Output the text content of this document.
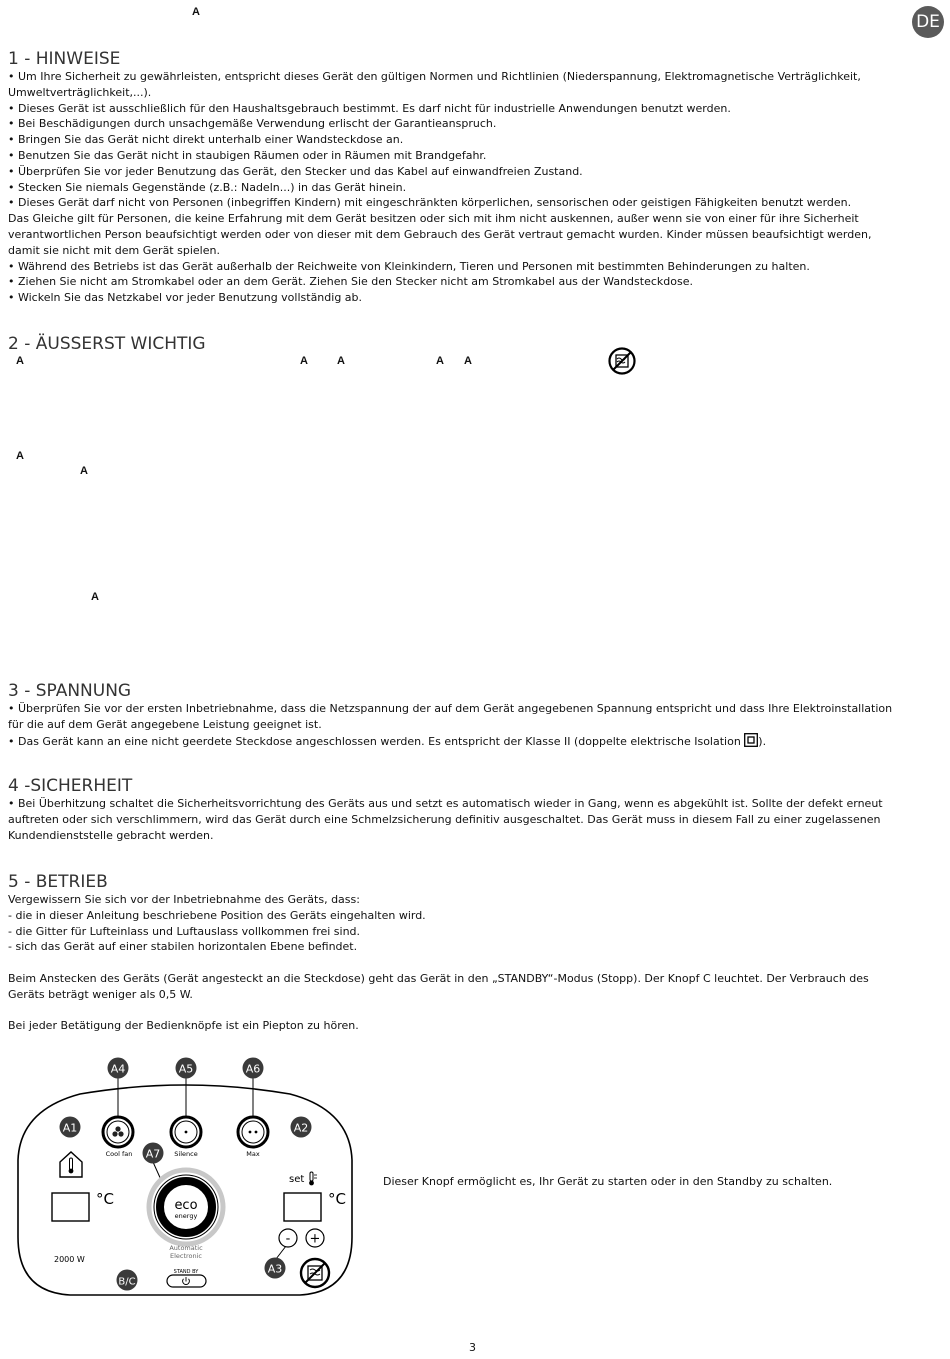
A	DE
1 - HINWEISE
• Um Ihre Sicherheit zu gewährleisten, entspricht dieses Gerät den gültigen Normen und Richtlinien (Niederspannung, Elektromagnetische Verträglichkeit,
Umweltverträglichkeit,...).
• Dieses Gerät ist ausschließlich für den Haushaltsgebrauch bestimmt. Es darf nicht für industrielle Anwendungen benutzt werden.
• Bei Beschädigungen durch unsachgemäße Verwendung erlischt der Garantieanspruch.
• Bringen Sie das Gerät nicht direkt unterhalb einer Wandsteckdose an.
• Benutzen Sie das Gerät nicht in staubigen Räumen oder in Räumen mit Brandgefahr.
• Überprüfen Sie vor jeder Benutzung das Gerät, den Stecker und das Kabel auf einwandfreien Zustand.
• Stecken Sie niemals Gegenstände (z.B.: Nadeln...) in das Gerät hinein.
• Dieses Gerät darf nicht von Personen (inbegriffen Kindern) mit eingeschränkten körperlichen, sensorischen oder geistigen Fähigkeiten benutzt werden.
Das Gleiche gilt für Personen, die keine Erfahrung mit dem Gerät besitzen oder sich mit ihm nicht auskennen, außer wenn sie von einer für ihre Sicherheit
verantwortlichen Person beaufsichtigt werden oder von dieser mit dem Gebrauch des Gerät vertraut gemacht wurden. Kinder müssen beaufsichtigt werden,
damit sie nicht mit dem Gerät spielen.
• Während des Betriebs ist das Gerät außerhalb der Reichweite von Kleinkindern, Tieren und Personen mit bestimmten Behinderungen zu halten.
• Ziehen Sie nicht am Stromkabel oder an dem Gerät. Ziehen Sie den Stecker nicht am Stromkabel aus der Wandsteckdose.
• Wickeln Sie das Netzkabel vor jeder Benutzung vollständig ab.
2 - ÄUSSERST WICHTIG
A	A	A	A A
A
A
A
3 - SPANNUNG
• Überprüfen Sie vor der ersten Inbetriebnahme, dass die Netzspannung der auf dem Gerät angegebenen Spannung entspricht und dass Ihre Elektroinstallation
für die auf dem Gerät angegebene Leistung geeignet ist.
• Das Gerät kann an eine nicht geerdete Steckdose angeschlossen werden. Es entspricht der Klasse II (doppelte elektrische Isolation ).
4 -SICHERHEIT
• Bei Überhitzung schaltet die Sicherheitsvorrichtung des Geräts aus und setzt es automatisch wieder in Gang, wenn es abgekühlt ist. Sollte der defekt erneut
auftreten oder sich verschlimmern, wird das Gerät durch eine Schmelzsicherung definitiv ausgeschaltet. Das Gerät muss in diesem Fall zu einer zugelassenen
Kundendienststelle gebracht werden.
5 - BETRIEB
Vergewissern Sie sich vor der Inbetriebnahme des Geräts, dass:
- die in dieser Anleitung beschriebene Position des Geräts eingehalten wird.
- die Gitter für Lufteinlass und Luftauslass vollkommen frei sind.
- sich das Gerät auf einer stabilen horizontalen Ebene befindet.
Beim Anstecken des Geräts (Gerät angesteckt an die Steckdose) geht das Gerät in den „STANDBY“-Modus (Stopp). Der Knopf C leuchtet. Der Verbrauch des
Geräts beträgt weniger als 0,5 W.
Bei jeder Betätigung der Bedienknöpfe ist ein Piepton zu hören.
A4	A5	A6
A1	A2
A7
A3
B/C
Cool fan	Silence	Max
°C
2000 W
eco
energy
Automatic
Electronic
STAND BY
set
°C
- +
Dieser Knopf ermöglicht es, Ihr Gerät zu starten oder in den Standby zu schalten.
3
